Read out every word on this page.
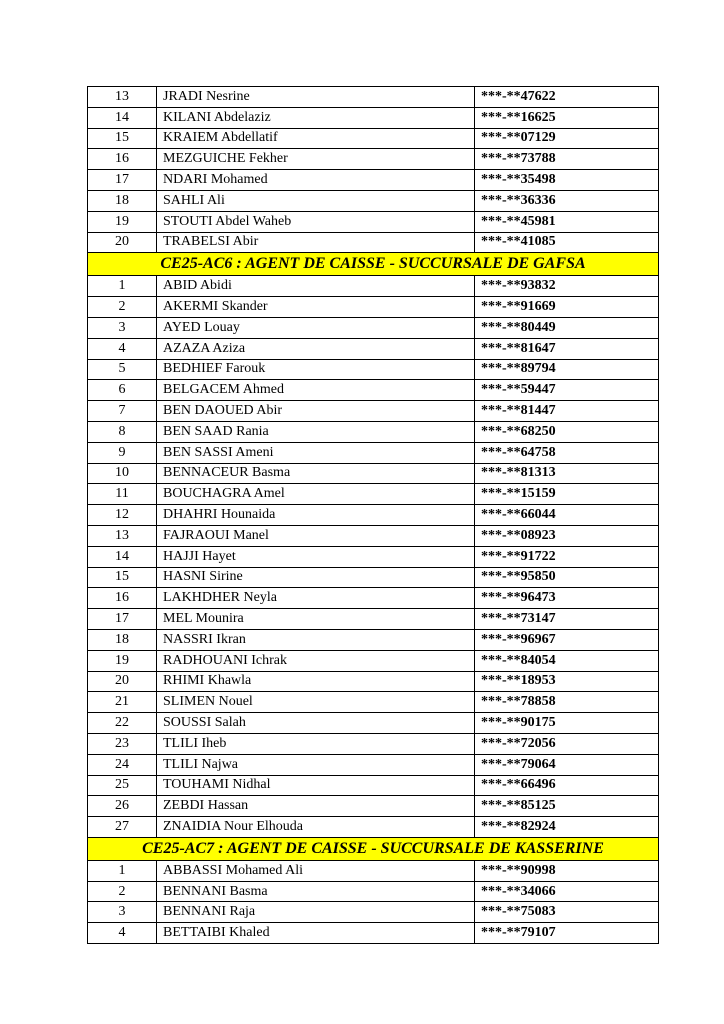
13	JRADI Nesrine	***-**47622
14	KILANI Abdelaziz	***-**16625
15	KRAIEM Abdellatif	***-**07129
16	MEZGUICHE Fekher	***-**73788
17	NDARI Mohamed	***-**35498
18	SAHLI Ali	***-**36336
19	STOUTI Abdel Waheb	***-**45981
20	TRABELSI Abir	***-**41085
CE25-AC6 : AGENT DE CAISSE - SUCCURSALE DE GAFSA		
1	ABID Abidi	***-**93832
2	AKERMI Skander	***-**91669
3	AYED Louay	***-**80449
4	AZAZA Aziza	***-**81647
5	BEDHIEF Farouk	***-**89794
6	BELGACEM Ahmed	***-**59447
7	BEN DAOUED Abir	***-**81447
8	BEN SAAD Rania	***-**68250
9	BEN SASSI Ameni	***-**64758
10	BENNACEUR Basma	***-**81313
11	BOUCHAGRA Amel	***-**15159
12	DHAHRI Hounaida	***-**66044
13	FAJRAOUI Manel	***-**08923
14	HAJJI Hayet	***-**91722
15	HASNI Sirine	***-**95850
16	LAKHDHER Neyla	***-**96473
17	MEL Mounira	***-**73147
18	NASSRI Ikran	***-**96967
19	RADHOUANI Ichrak	***-**84054
20	RHIMI Khawla	***-**18953
21	SLIMEN Nouel	***-**78858
22	SOUSSI Salah	***-**90175
23	TLILI Iheb	***-**72056
24	TLILI Najwa	***-**79064
25	TOUHAMI Nidhal	***-**66496
26	ZEBDI Hassan	***-**85125
27	ZNAIDIA Nour Elhouda	***-**82924
CE25-AC7 : AGENT DE CAISSE - SUCCURSALE DE KASSERINE		
1	ABBASSI Mohamed Ali	***-**90998
2	BENNANI Basma	***-**34066
3	BENNANI Raja	***-**75083
4	BETTAIBI Khaled	***-**79107
